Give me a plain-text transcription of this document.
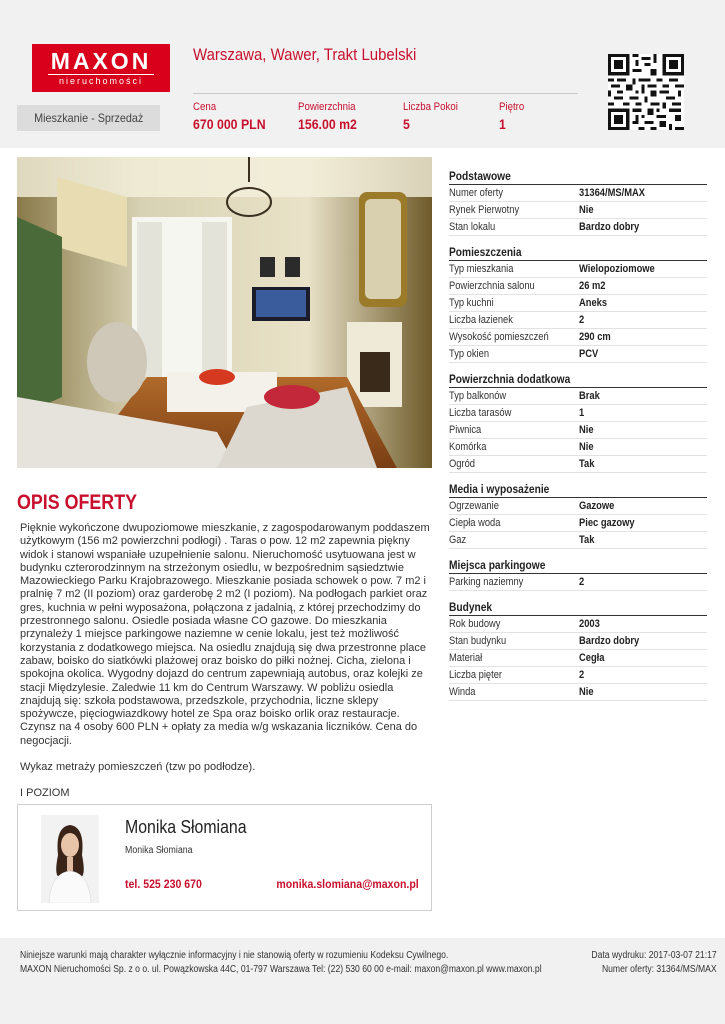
MAXON
nieruchomości
Warszawa, Wawer, Trakt Lubelski
Mieszkanie - Sprzedaż
Cena
670 000 PLN
Powierzchnia
156.00 m2
Liczba Pokoi
5
Piętro
1
OPIS OFERTY

Pięknie wykończone dwupoziomowe mieszkanie, z zagospodarowanym poddaszem użytkowym (156 m2 powierzchni podłogi) . Taras o pow. 12 m2 zapewnia piękny widok i stanowi wspaniałe uzupełnienie salonu. Nieruchomość usytuowana jest w budynku czterorodzinnym na strzeżonym osiedlu, w bezpośrednim sąsiedztwie Mazowieckiego Parku Krajobrazowego. Mieszkanie posiada schowek o pow. 7 m2 i pralnię 7 m2 (II poziom) oraz garderobę 2 m2 (I poziom). Na podłogach parkiet oraz gres, kuchnia w pełni wyposażona, połączona z jadalnią, z której przechodzimy do przestronnego salonu. Osiedle posiada własne CO gazowe. Do mieszkania przynależy 1 miejsce parkingowe naziemne w cenie lokalu, jest też możliwość korzystania z dodatkowego miejsca. Na osiedlu znajdują się dwa przestronne place zabaw, boisko do siatkówki plażowej oraz boisko do piłki nożnej. Cicha, zielona i spokojna okolica. Wygodny dojazd do centrum zapewniają autobus, oraz kolejki ze stacji Międzylesie. Zaledwie 11 km do Centrum Warszawy. W pobliżu osiedla znajdują się: szkoła podstawowa, przedszkole, przychodnia, liczne sklepy spożywcze, pięciogwiazdkowy hotel ze Spa oraz boisko orlik oraz restauracje. Czynsz na 4 osoby 600 PLN + opłaty za media w/g wskazania liczników. Cena do negocjacji.

Wykaz metraży pomieszczeń (tzw po podłodze).

I POZIOM

Monika Słomiana
Monika Słomiana
tel. 525 230 670	monika.slomiana@maxon.pl
Podstawowe
Numer oferty	31364/MS/MAX
Rynek Pierwotny	Nie
Stan lokalu	Bardzo dobry
Pomieszczenia
Typ mieszkania	Wielopoziomowe
Powierzchnia salonu	26 m2
Typ kuchni	Aneks
Liczba łazienek	2
Wysokość pomieszczeń	290 cm
Typ okien	PCV
Powierzchnia dodatkowa
Typ balkonów	Brak
Liczba tarasów	1
Piwnica	Nie
Komórka	Nie
Ogród	Tak
Media i wyposażenie
Ogrzewanie	Gazowe
Ciepła woda	Piec gazowy
Gaz	Tak
Miejsca parkingowe
Parking naziemny	2
Budynek
Rok budowy	2003
Stan budynku	Bardzo dobry
Materiał	Cegła
Liczba pięter	2
Winda	Nie
Niniejsze warunki mają charakter wyłącznie informacyjny i nie stanowią oferty w rozumieniu Kodeksu Cywilnego.
MAXON Nieruchomości Sp. z o o. ul. Powązkowska 44C, 01-797 Warszawa Tel: (22) 530 60 00 e-mail: maxon@maxon.pl www.maxon.pl
Data wydruku: 2017-03-07 21:17
Numer oferty: 31364/MS/MAX
